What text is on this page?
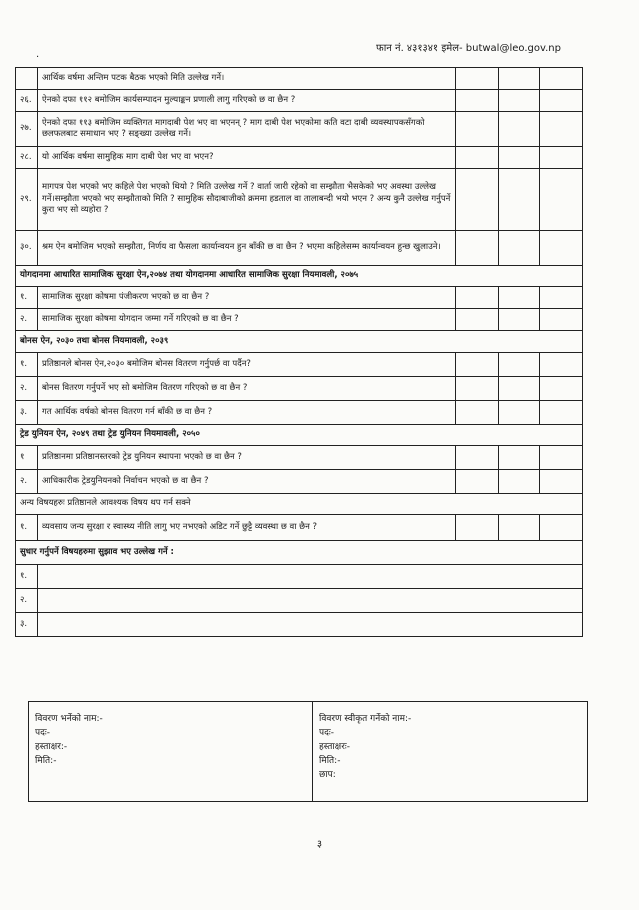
फान नं. ४३१३४१ इमेल- butwal@leo.gov.np
·
	आर्थिक वर्षमा अन्तिम पटक बैठक भएको मिति उल्लेख गर्ने।			
२६.	ऐनको दफा ११२ बमोजिम कार्यसम्पादन मुल्याङ्कन प्रणाली लागु गरिएको छ वा छैन ?			
२७.	ऐनको दफा ११३ बमोजिम व्यक्तिगत मागदाबी पेश भए वा भएनन् ? माग दाबी पेश भएकोमा कति वटा दाबी व्यवस्थापकसँगको छलफलबाट समाधान भए ? सङ्ख्या उल्लेख गर्ने।			
२८.	यो आर्थिक वर्षमा सामुहिक माग दाबी पेश भए वा भएन?			
२९.	मागपत्र पेश भएको भए कहिले पेश भएको थियो ? मिति उल्लेख गर्ने ? वार्ता जारी रहेको वा सम्झौता भैसकेको भए अवस्था उल्लेख गर्ने।सम्झौता भएको भए सम्झौताको मिति ? सामुहिक सौदाबाजीको क्रममा हडताल वा तालाबन्दी भयो भएन ? अन्य कुनै उल्लेख गर्नुपर्ने कुरा भए सो व्यहोरा ?			
३०.	श्रम ऐन बमोजिम भएको सम्झौता, निर्णय वा फैसला कार्यान्वयन हुन बाँकी छ वा छैन ? भएमा कहिलेसम्म कार्यान्वयन हुन्छ खुलाउने।			
योगदानमा आधारित सामाजिक सुरक्षा ऐन,२०७४ तथा योगदानमा आधारित सामाजिक सुरक्षा नियमावली, २०७५				
१.	सामाजिक सुरक्षा कोषमा पंजीकरण भएको छ वा छैन ?			
२.	सामाजिक सुरक्षा कोषमा योगदान जम्मा गर्ने गरिएको छ वा छैन ?			
बोनस ऐन, २०३० तथा बोनस नियमावली, २०३९				
१.	प्रतिष्ठानले बोनस ऐन,२०३० बमोजिम बोनस वितरण गर्नुपर्छ वा पर्दैन?			
२.	बोनस वितरण गर्नुपर्ने भए सो बमोजिम वितरण गरिएको छ वा छैन ?			
३.	गत आर्थिक वर्षको बोनस वितरण गर्न बाँकी छ वा छैन ?			
ट्रेड युनियन ऐन, २०४९ तथा ट्रेड युनियन नियमावली, २०५०				
१	प्रतिष्ठानमा प्रतिष्ठानस्तरको ट्रेड युनियन स्थापना भएको छ वा छैन ?			
२.	आधिकारीक ट्रेडयुनियनको निर्वाचन भएको छ वा छैन ?			
अन्य विषयहरुः प्रतिष्ठानले आवश्यक विषय थप गर्न सक्ने				
१.	व्यवसाय जन्य सुरक्षा र स्वास्थ्य नीति लागु भए नभएको अडिट गर्ने छुट्टै व्यवस्था छ वा छैन ?			
सुधार गर्नुपर्ने विषयहरुमा सुझाव भए उल्लेख गर्ने :				
१.				
२.				
३.				
विवरण भर्नेको नाम:-
पदः-
हस्ताक्षर:-
मिति:-
विवरण स्वीकृत गर्नेको नाम:-
पदः-
हस्ताक्षरः-
मिति:-
छाप:
३
